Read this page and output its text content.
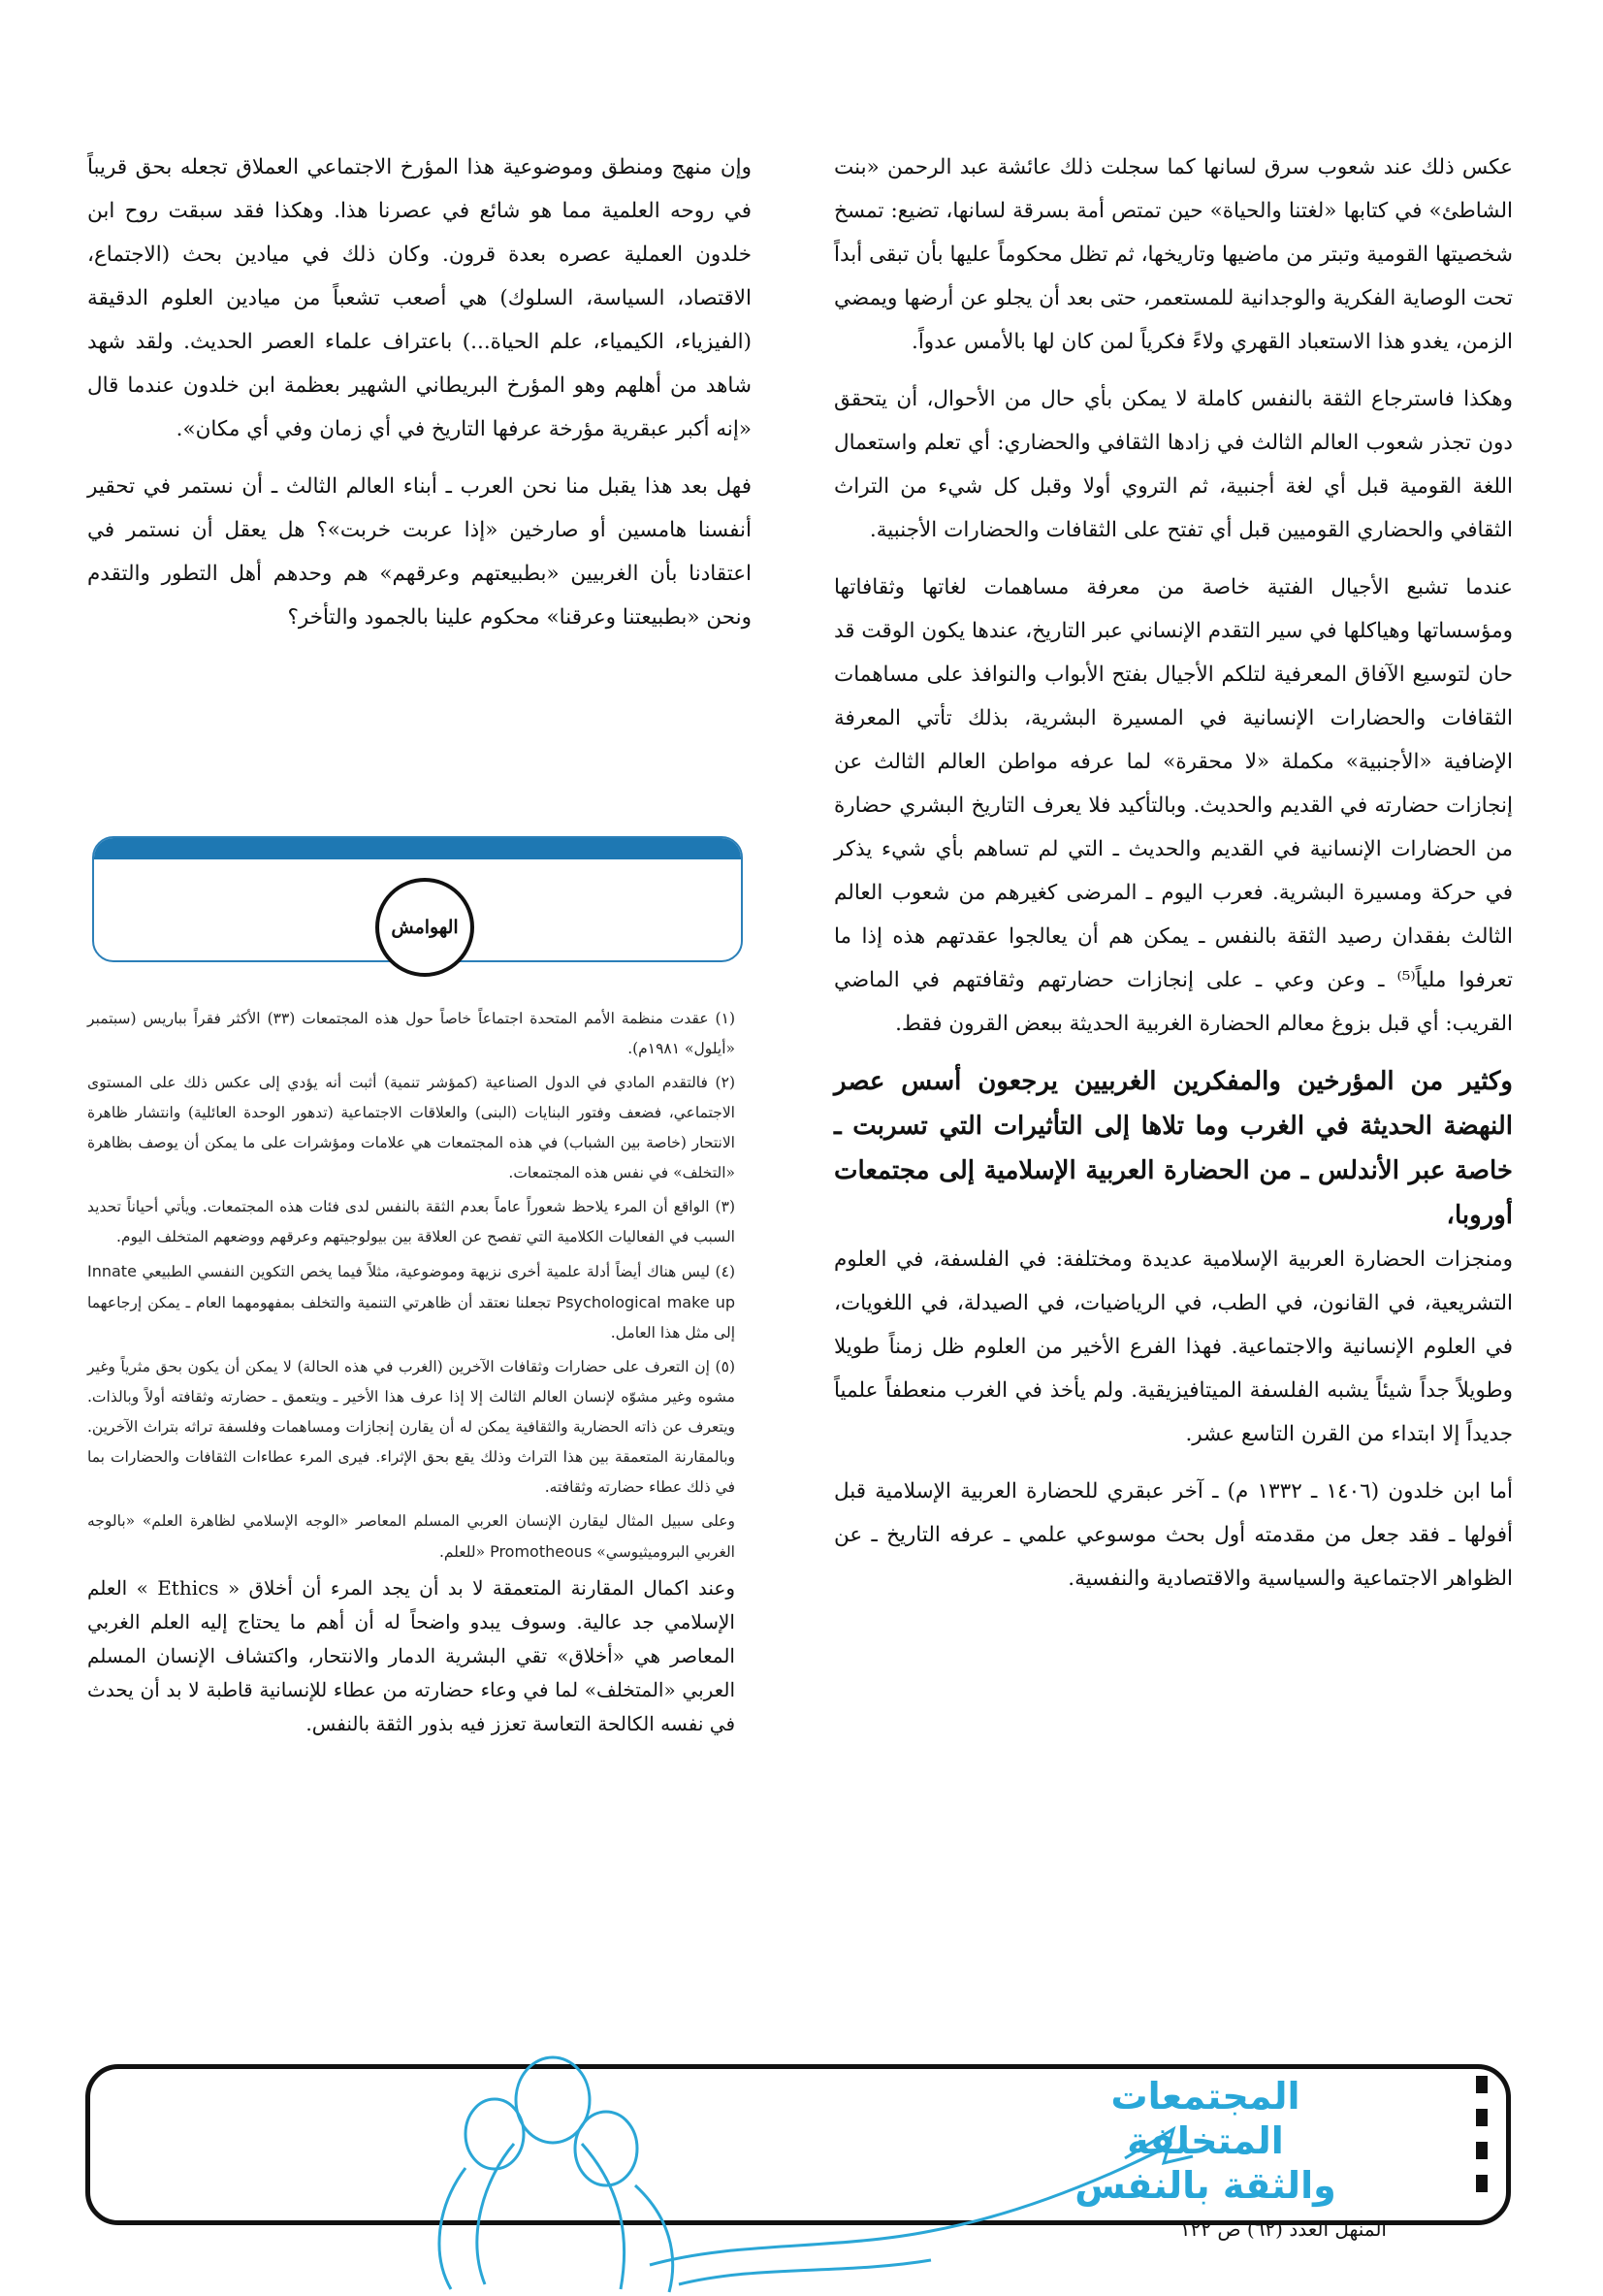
عكس ذلك عند شعوب سرق لسانها كما سجلت ذلك عائشة عبد الرحمن «بنت الشاطئ» في كتابها «لغتنا والحياة» حين تمتص أمة بسرقة لسانها، تضيع: تمسخ شخصيتها القومية وتبتر من ماضيها وتاريخها، ثم تظل محكوماً عليها بأن تبقى أبداً تحت الوصاية الفكرية والوجدانية للمستعمر، حتى بعد أن يجلو عن أرضها ويمضي الزمن، يغدو هذا الاستعباد القهري ولاءً فكرياً لمن كان لها بالأمس عدواً.

وهكذا فاسترجاع الثقة بالنفس كاملة لا يمكن بأي حال من الأحوال، أن يتحقق دون تجذر شعوب العالم الثالث في زادها الثقافي والحضاري: أي تعلم واستعمال اللغة القومية قبل أي لغة أجنبية، ثم التروي أولا وقبل كل شيء من التراث الثقافي والحضاري القوميين قبل أي تفتح على الثقافات والحضارات الأجنبية.

عندما تشبع الأجيال الفتية خاصة من معرفة مساهمات لغاتها وثقافاتها ومؤسساتها وهياكلها في سير التقدم الإنساني عبر التاريخ، عندها يكون الوقت قد حان لتوسيع الآفاق المعرفية لتلكم الأجيال بفتح الأبواب والنوافذ على مساهمات الثقافات والحضارات الإنسانية في المسيرة البشرية، بذلك تأتي المعرفة الإضافية «الأجنبية» مكملة «لا محقرة» لما عرفه مواطن العالم الثالث عن إنجازات حضارته في القديم والحديث. وبالتأكيد فلا يعرف التاريخ البشري حضارة من الحضارات الإنسانية في القديم والحديث ـ التي لم تساهم بأي شيء يذكر في حركة ومسيرة البشرية. فعرب اليوم ـ المرضى كغيرهم من شعوب العالم الثالث بفقدان رصيد الثقة بالنفس ـ يمكن هم أن يعالجوا عقدتهم هذه إذا ما تعرفوا ملياً⁽⁵⁾ ـ وعن وعي ـ على إنجازات حضارتهم وثقافتهم في الماضي القريب: أي قبل بزوغ معالم الحضارة الغربية الحديثة ببعض القرون فقط.

وكثير من المؤرخين والمفكرين الغربيين يرجعون أسس عصر النهضة الحديثة في الغرب وما تلاها إلى التأثيرات التي تسربت ـ خاصة عبر الأندلس ـ من الحضارة العربية الإسلامية إلى مجتمعات أوروبا،

ومنجزات الحضارة العربية الإسلامية عديدة ومختلفة: في الفلسفة، في العلوم التشريعية، في القانون، في الطب، في الرياضيات، في الصيدلة، في اللغويات، في العلوم الإنسانية والاجتماعية. فهذا الفرع الأخير من العلوم ظل زمناً طويلا وطويلاً جداً شيئاً يشبه الفلسفة الميتافيزيقية. ولم يأخذ في الغرب منعطفاً علمياً جديداً إلا ابتداء من القرن التاسع عشر.

أما ابن خلدون (١٤٠٦ ـ ١٣٣٢ م) ـ آخر عبقري للحضارة العربية الإسلامية قبل أفولها ـ فقد جعل من مقدمته أول بحث موسوعي علمي ـ عرفه التاريخ ـ عن الظواهر الاجتماعية والسياسية والاقتصادية والنفسية.

وإن منهج ومنطق وموضوعية هذا المؤرخ الاجتماعي العملاق تجعله بحق قريباً في روحه العلمية مما هو شائع في عصرنا هذا. وهكذا فقد سبقت روح ابن خلدون العملية عصره بعدة قرون. وكان ذلك في ميادين بحث (الاجتماع، الاقتصاد، السياسة، السلوك) هي أصعب تشعباً من ميادين العلوم الدقيقة (الفيزياء، الكيمياء، علم الحياة...) باعتراف علماء العصر الحديث. ولقد شهد شاهد من أهلهم وهو المؤرخ البريطاني الشهير بعظمة ابن خلدون عندما قال «إنه أكبر عبقرية مؤرخة عرفها التاريخ في أي زمان وفي أي مكان».

فهل بعد هذا يقبل منا نحن العرب ـ أبناء العالم الثالث ـ أن نستمر في تحقير أنفسنا هامسين أو صارخين «إذا عربت خربت»؟ هل يعقل أن نستمر في اعتقادنا بأن الغربيين «بطبيعتهم وعرقهم» هم وحدهم أهل التطور والتقدم ونحن «بطبيعتنا وعرقنا» محكوم علينا بالجمود والتأخر؟

الهوامش

(١) عقدت منظمة الأمم المتحدة اجتماعاً خاصاً حول هذه المجتمعات (٣٣) الأكثر فقراً بباريس (سبتمبر «أيلول» ١٩٨١م).

(٢) فالتقدم المادي في الدول الصناعية (كمؤشر تنمية) أثبت أنه يؤدي إلى عكس ذلك على المستوى الاجتماعي، فضعف وفتور البنايات (البنى) والعلاقات الاجتماعية (تدهور الوحدة العائلية) وانتشار ظاهرة الانتحار (خاصة بين الشباب) في هذه المجتمعات هي علامات ومؤشرات على ما يمكن أن يوصف بظاهرة «التخلف» في نفس هذه المجتمعات.

(٣) الواقع أن المرء يلاحظ شعوراً عاماً بعدم الثقة بالنفس لدى فئات هذه المجتمعات. ويأتي أحياناً تحديد السبب في الفعاليات الكلامية التي تفصح عن العلاقة بين بيولوجيتهم وعرقهم ووضعهم المتخلف اليوم.

(٤) ليس هناك أيضاً أدلة علمية أخرى نزيهة وموضوعية، مثلاً فيما يخص التكوين النفسي الطبيعي Innate Psychological make up تجعلنا نعتقد أن ظاهرتي التنمية والتخلف بمفهومهما العام ـ يمكن إرجاعهما إلى مثل هذا العامل.

(٥) إن التعرف على حضارات وثقافات الآخرين (الغرب في هذه الحالة) لا يمكن أن يكون بحق مثرياً وغير مشوه وغير مشوّه لإنسان العالم الثالث إلا إذا عرف هذا الأخير ـ ويتعمق ـ حضارته وثقافته أولاً وبالذات. ويتعرف عن ذاته الحضارية والثقافية يمكن له أن يقارن إنجازات ومساهمات وفلسفة تراثه بتراث الآخرين. وبالمقارنة المتعمقة بين هذا التراث وذلك يقع بحق الإثراء. فيرى المرء عطاءات الثقافات والحضارات بما في ذلك عطاء حضارته وثقافته.

وعلى سبيل المثال ليقارن الإنسان العربي المسلم المعاصر «الوجه الإسلامي لظاهرة العلم» «بالوجه الغربي البروميثيوسي» Promotheous «للعلم.

وعند اكمال المقارنة المتعمقة لا بد أن يجد المرء أن أخلاق « Ethics » العلم الإسلامي جد عالية. وسوف يبدو واضحاً له أن أهم ما يحتاج إليه العلم الغربي المعاصر هي «أخلاق» تقي البشرية الدمار والانتحار، واكتشاف الإنسان المسلم العربي «المتخلف» لما في وعاء حضارته من عطاء للإنسانية قاطبة لا بد أن يحدث في نفسه الكالحة التعاسة تعزز فيه بذور الثقة بالنفس.

المجتمعات
المتخلفة
والثقة بالنفس
المنهل العدد (٦٢) ص ١٢٢
